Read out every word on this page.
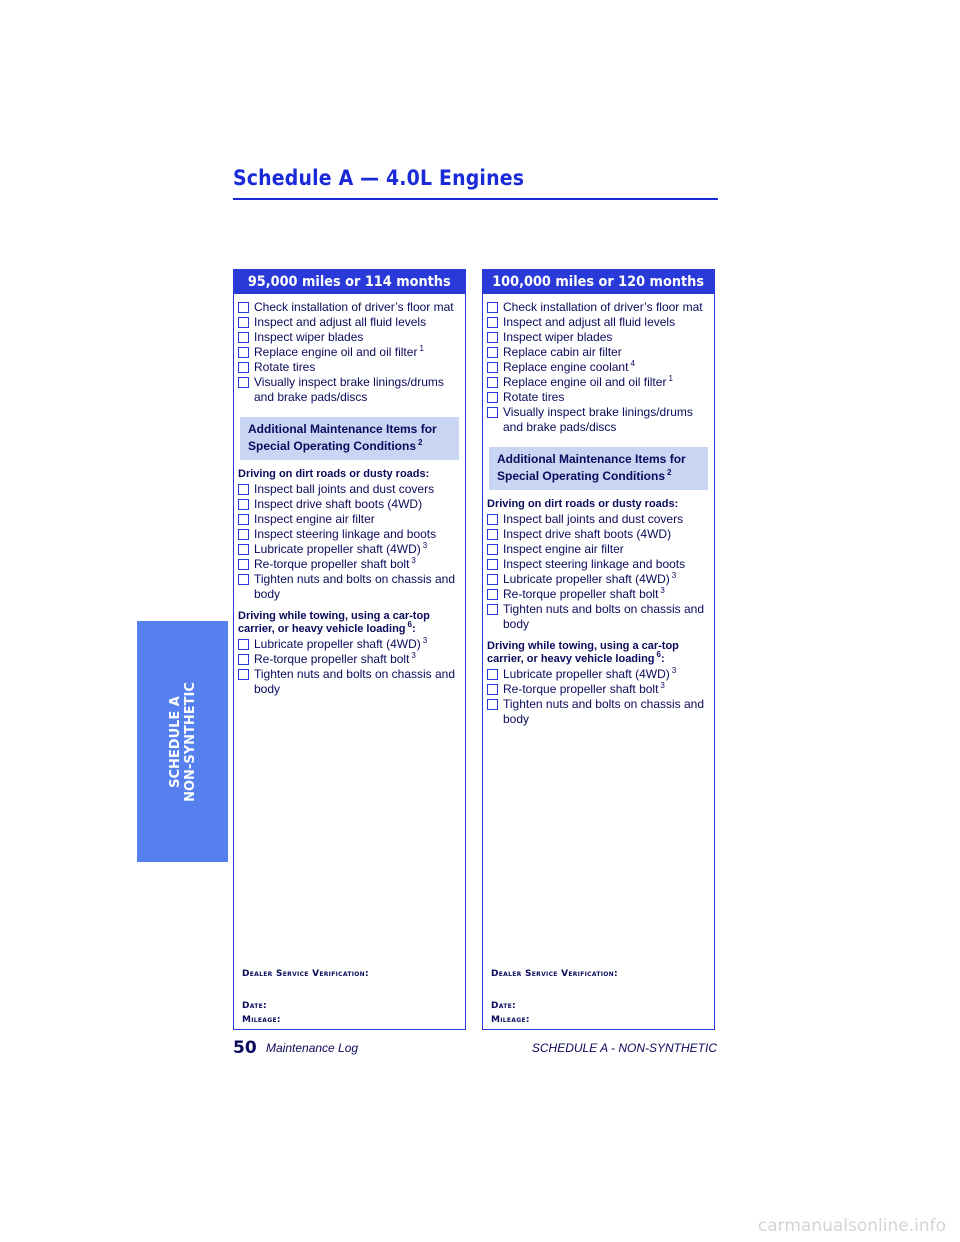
Schedule A — 4.0L Engines
SCHEDULE A NON-SYNTHETIC
95,000 miles or 114 months
Check installation of driver’s floor mat
Inspect and adjust all fluid levels
Inspect wiper blades
Replace engine oil and oil filter $^1$
Rotate tires
Visually inspect brake linings/drums and brake pads/discs
Additional Maintenance Items for
Special Operating Conditions $^2$
Driving on dirt roads or dusty roads:
Inspect ball joints and dust covers
Inspect drive shaft boots (4WD)
Inspect engine air filter
Inspect steering linkage and boots
Lubricate propeller shaft (4WD) $^3$
Re-torque propeller shaft bolt $^3$
Tighten nuts and bolts on chassis and body
Driving while towing, using a car-top carrier, or heavy vehicle loading $^6$:
Lubricate propeller shaft (4WD) $^3$
Re-torque propeller shaft bolt $^3$
Tighten nuts and bolts on chassis and body
Dealer Service Verification:
Date:
Mileage:
100,000 miles or 120 months
Check installation of driver’s floor mat
Inspect and adjust all fluid levels
Inspect wiper blades
Replace cabin air filter
Replace engine coolant $^4$
Replace engine oil and oil filter $^1$
Rotate tires
Visually inspect brake linings/drums and brake pads/discs
Additional Maintenance Items for
Special Operating Conditions $^2$
Driving on dirt roads or dusty roads:
Inspect ball joints and dust covers
Inspect drive shaft boots (4WD)
Inspect engine air filter
Inspect steering linkage and boots
Lubricate propeller shaft (4WD) $^3$
Re-torque propeller shaft bolt $^3$
Tighten nuts and bolts on chassis and body
Driving while towing, using a car-top carrier, or heavy vehicle loading $^6$:
Lubricate propeller shaft (4WD) $^3$
Re-torque propeller shaft bolt $^3$
Tighten nuts and bolts on chassis and body
Dealer Service Verification:
Date:
Mileage:
50 Maintenance Log	SCHEDULE A - NON-SYNTHETIC
carmanualsonline.info
